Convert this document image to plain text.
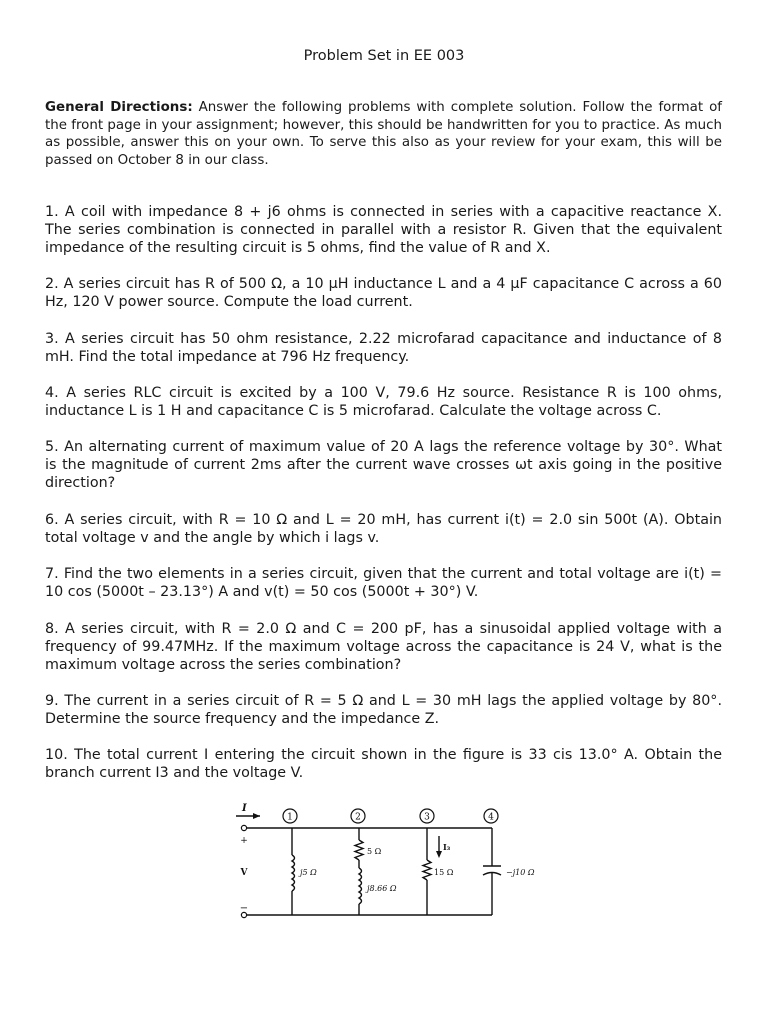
Problem Set in EE 003
General Directions: Answer the following problems with complete solution. Follow the format of the front page in your assignment; however, this should be handwritten for you to practice. As much as possible, answer this on your own. To serve this also as your review for your exam, this will be passed on October 8 in our class.
1. A coil with impedance 8 + j6 ohms is connected in series with a capacitive reactance X. The series combination is connected in parallel with a resistor R. Given that the equivalent impedance of the resulting circuit is 5 ohms, find the value of R and X.
2. A series circuit has R of 500 Ω, a 10 µH inductance L and a 4 µF capacitance C across a 60 Hz, 120 V power source. Compute the load current.
3. A series circuit has 50 ohm resistance, 2.22 microfarad capacitance and inductance of 8 mH. Find the total impedance at 796 Hz frequency.
4. A series RLC circuit is excited by a 100 V, 79.6 Hz source. Resistance R is 100 ohms, inductance L is 1 H and capacitance C is 5 microfarad. Calculate the voltage across C.
5. An alternating current of maximum value of 20 A lags the reference voltage by 30°. What is the magnitude of current 2ms after the current wave crosses ωt axis going in the positive direction?
6. A series circuit, with R = 10 Ω and L = 20 mH, has current i(t) = 2.0 sin 500t (A). Obtain total voltage v and the angle by which i lags v.
7. Find the two elements in a series circuit, given that the current and total voltage are i(t) = 10 cos (5000t – 23.13°) A and v(t) = 50 cos (5000t + 30°) V.
8. A series circuit, with R = 2.0 Ω and C = 200 pF, has a sinusoidal applied voltage with a frequency of 99.47MHz. If the maximum voltage across the capacitance is 24 V, what is the maximum voltage across the series combination?
9. The current in a series circuit of R = 5 Ω and L = 30 mH lags the applied voltage by 80°. Determine the source frequency and the impedance Z.
10. The total current I entering the circuit shown in the figure is 33 cis 13.0° A. Obtain the branch current I3 and the voltage V.
1	2	3	4
I
+
−
V	j5 Ω
5 Ω
j8.66 Ω
I₃
15 Ω	−j10 Ω
